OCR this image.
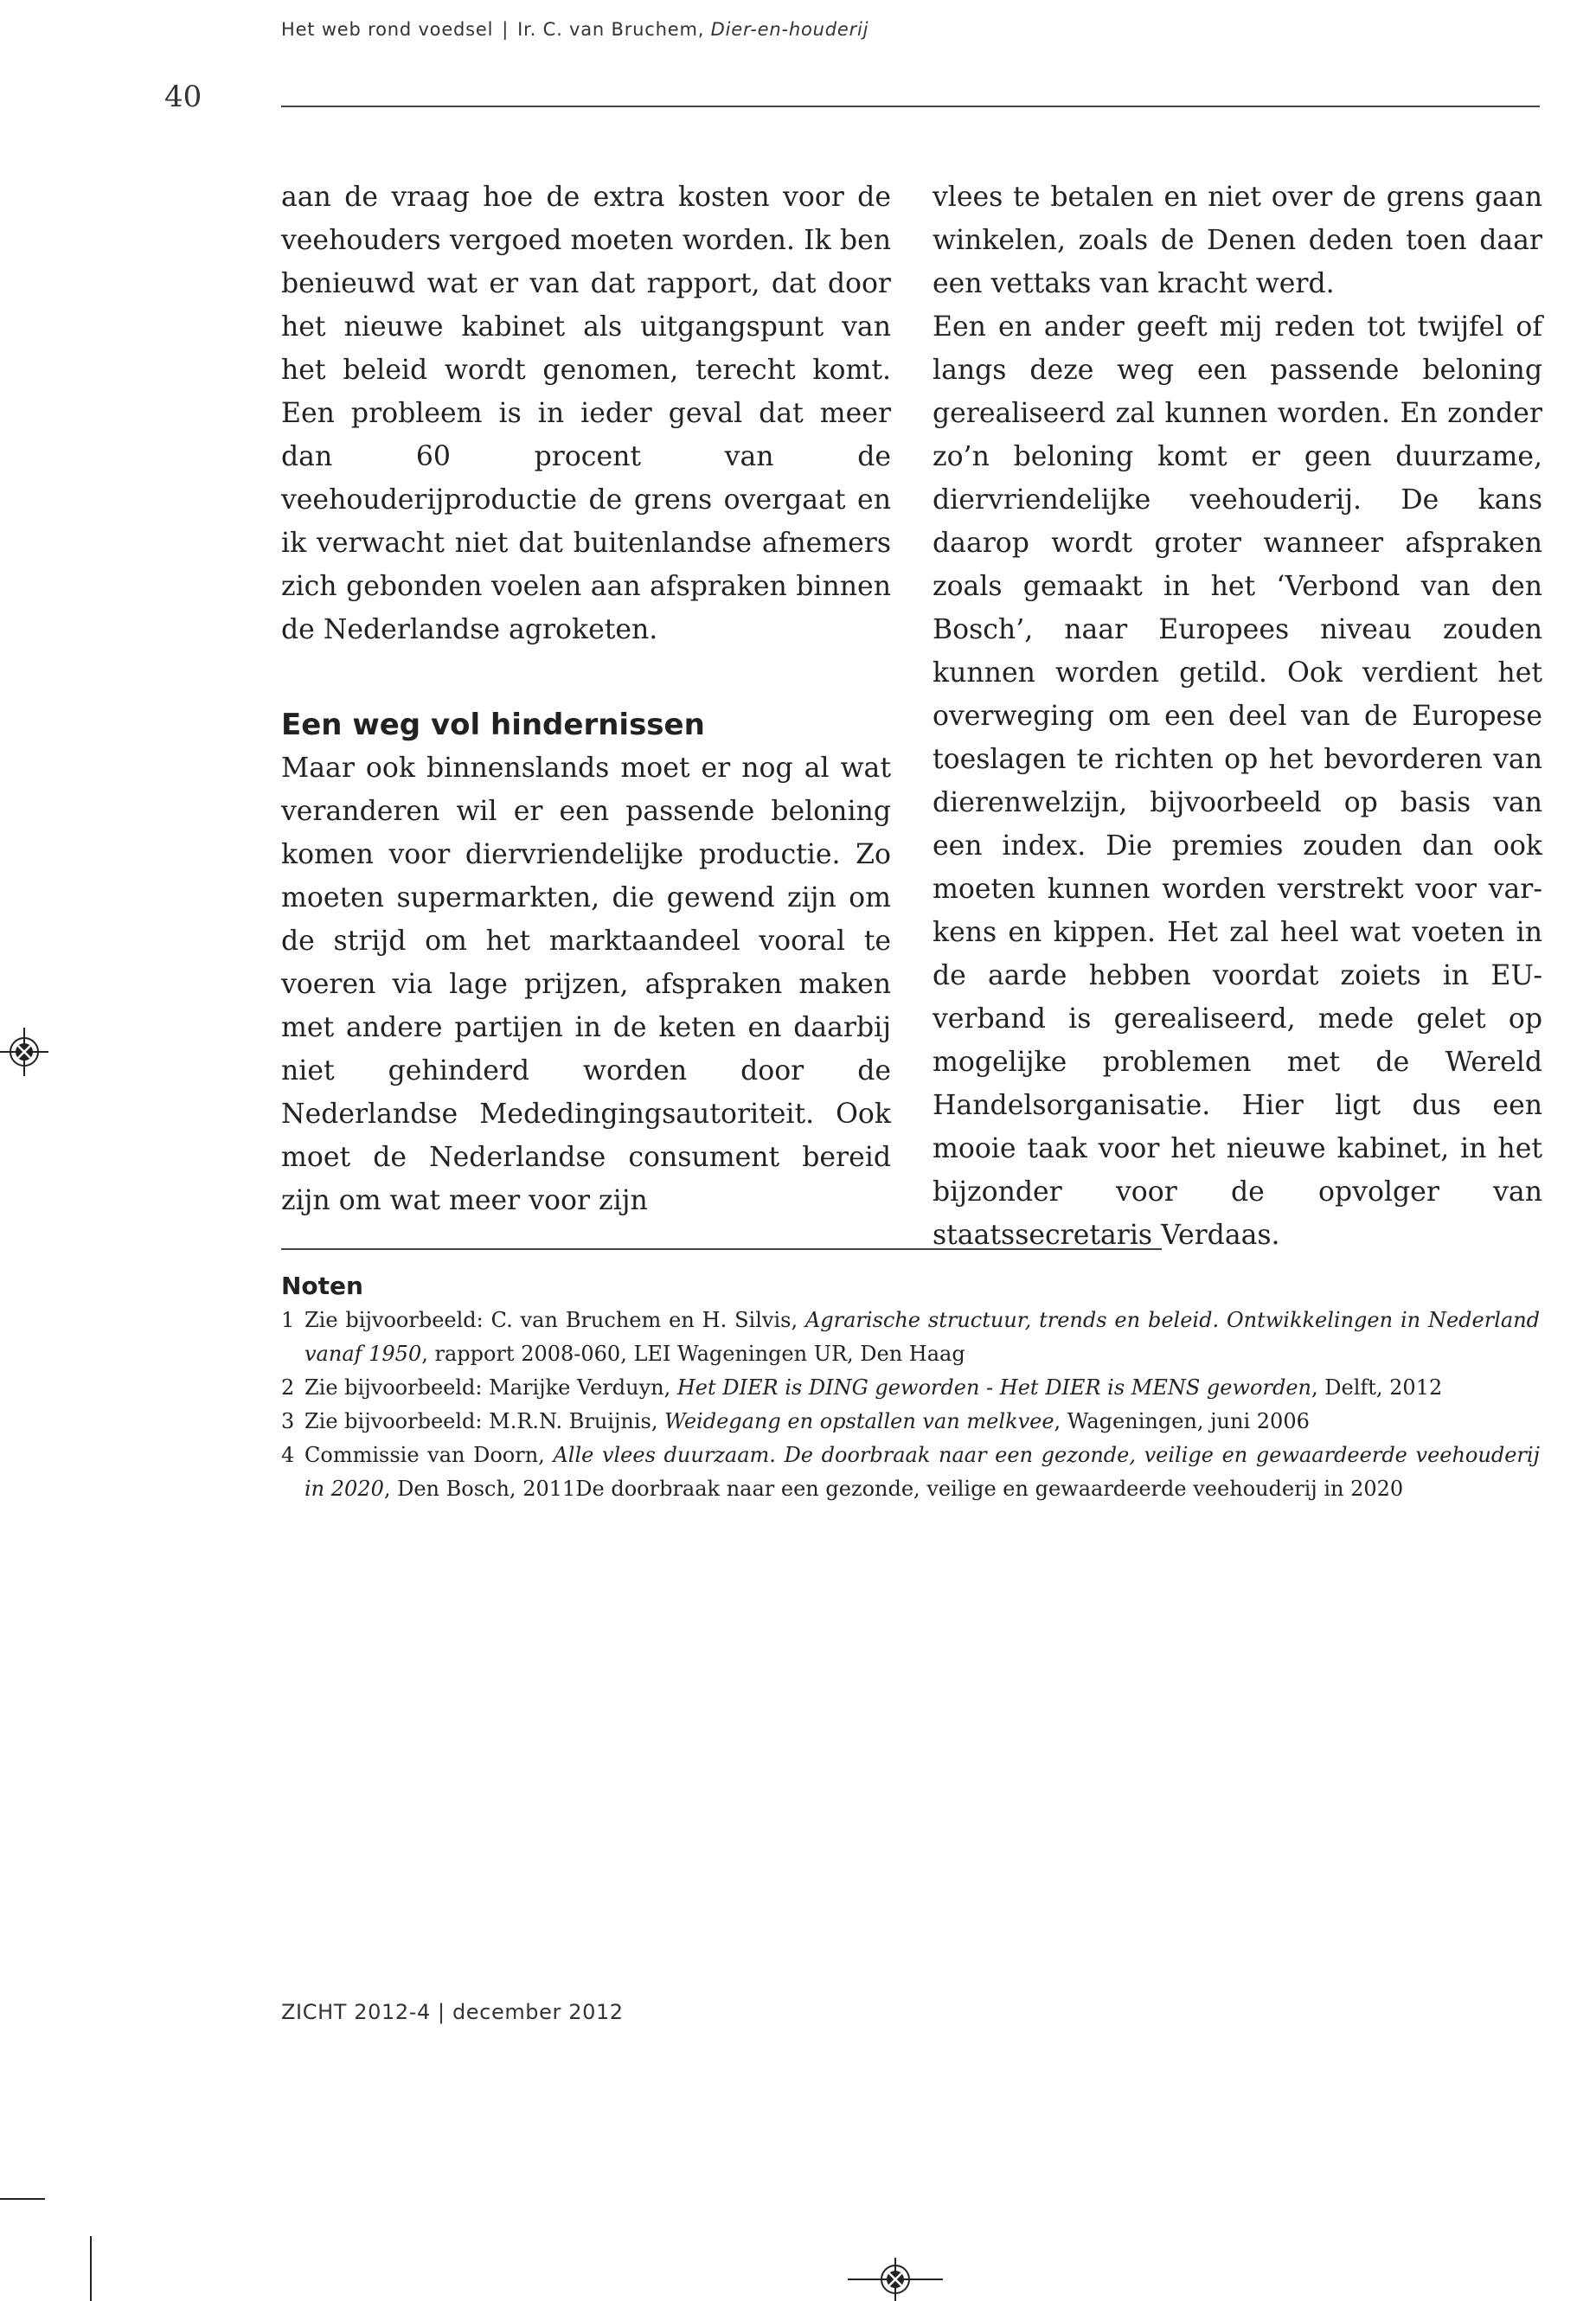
Het web rond voedsel | Ir. C. van Bruchem, Dier-en-houderij
40

aan de vraag hoe de extra kosten voor de veehouders vergoed moeten worden. Ik ben benieuwd wat er van dat rapport, dat door het nieuwe kabinet als uitgangspunt van het beleid wordt genomen, terecht komt. Een probleem is in ieder geval dat meer dan 60 procent van de veehouderijproductie de grens overgaat en ik verwacht niet dat buitenlandse afnemers zich gebonden voelen aan afspraken binnen de Nederlandse agroketen.

Een weg vol hindernissen

Maar ook binnenslands moet er nog al wat veranderen wil er een passende beloning komen voor diervriendelijke productie. Zo moeten supermarkten, die gewend zijn om de strijd om het marktaandeel vooral te voeren via lage prijzen, afspraken maken met andere partijen in de keten en daarbij niet gehinderd worden door de Nederlandse Mededingingsautoriteit. Ook moet de Nederlandse consument bereid zijn om wat meer voor zijn

vlees te betalen en niet over de grens gaan winkelen, zoals de Denen deden toen daar een vettaks van kracht werd.

Een en ander geeft mij reden tot twijfel of langs deze weg een passende beloning gerealiseerd zal kunnen worden. En zonder zo’n beloning komt er geen duurzame, diervriendelijke veehouderij. De kans daarop wordt groter wanneer afspraken zoals gemaakt in het ‘Verbond van den Bosch’, naar Europees niveau zouden kunnen worden getild. Ook verdient het overweging om een deel van de Europese toeslagen te richten op het bevorderen van dierenwelzijn, bijvoorbeeld op basis van een index. Die premies zouden dan ook moeten kunnen worden verstrekt voor varkens en kippen. Het zal heel wat voeten in de aarde hebben voordat zoiets in EU-verband is gerealiseerd, mede gelet op mogelijke problemen met de Wereld Handelsorganisatie. Hier ligt dus een mooie taak voor het nieuwe kabinet, in het bijzonder voor de opvolger van staatssecretaris Verdaas.

Noten
1 Zie bijvoorbeeld: C. van Bruchem en H. Silvis, Agrarische structuur, trends en beleid. Ontwikkelingen in Nederland vanaf 1950, rapport 2008-060, LEI Wageningen UR, Den Haag
2 Zie bijvoorbeeld: Marijke Verduyn, Het DIER is DING geworden - Het DIER is MENS geworden, Delft, 2012
3 Zie bijvoorbeeld: M.R.N. Bruijnis, Weidegang en opstallen van melkvee, Wageningen, juni 2006
4 Commissie van Doorn, Alle vlees duurzaam. De doorbraak naar een gezonde, veilige en gewaardeerde veehouderij in 2020, Den Bosch, 2011De doorbraak naar een gezonde, veilige en gewaardeerde veehouderij in 2020
ZICHT 2012-4 | december 2012
